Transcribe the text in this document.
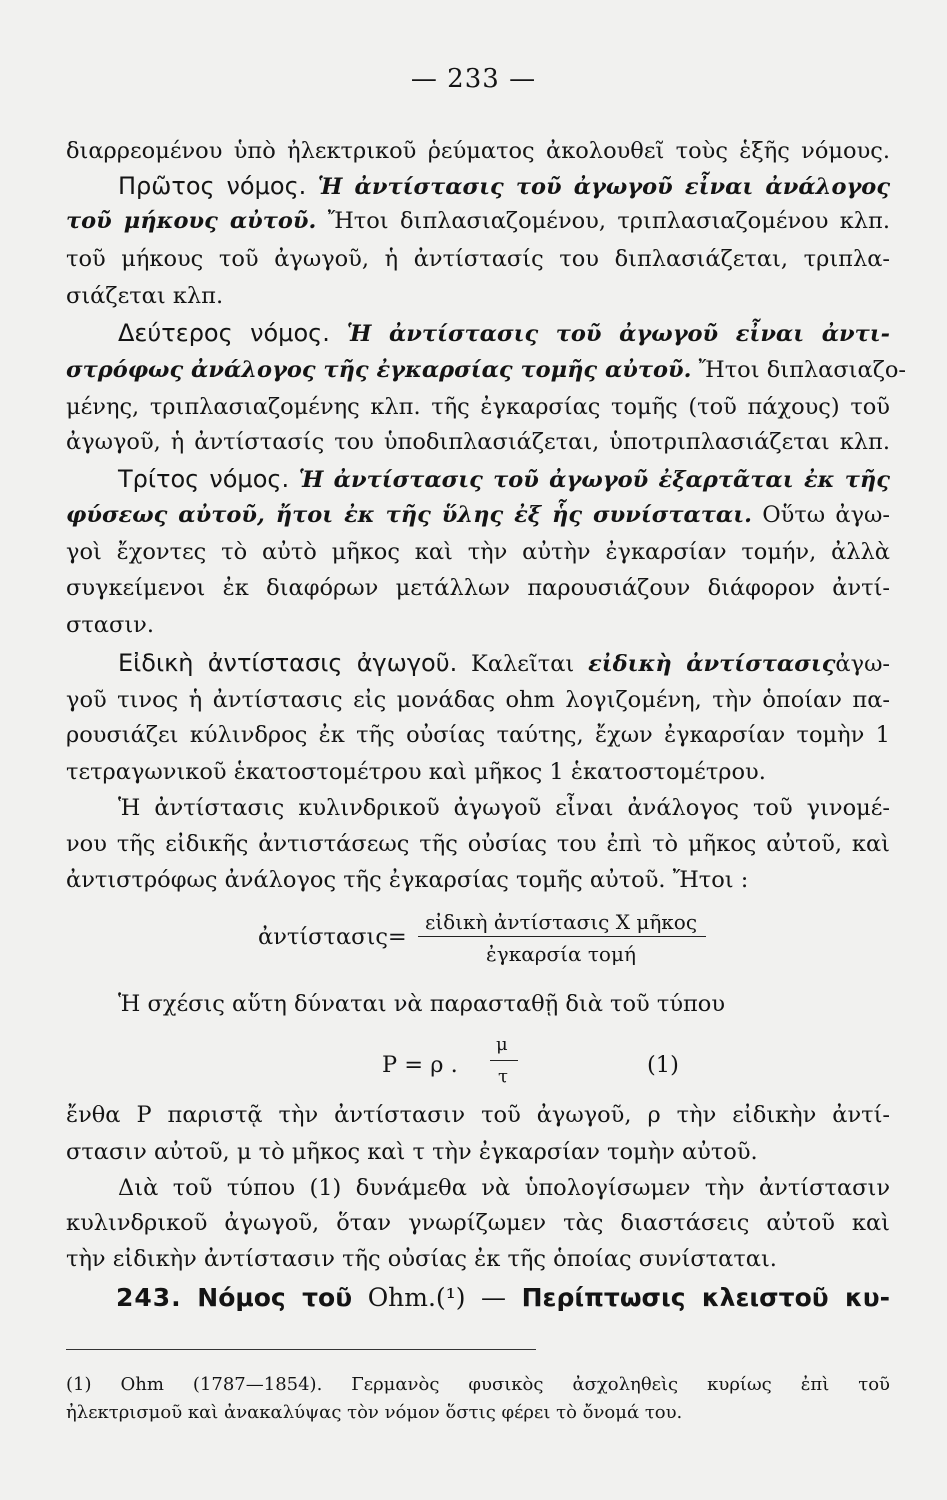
— 233 —
διαρρεομένου ὑπὸ ἠλεκτρικοῦ ῥεύματος ἀκολουθεῖ τοὺς ἑξῆς νόμους.
Πρῶτος νόμος. Ἡ ἀντίστασις τοῦ ἀγωγοῦ εἶναι ἀνάλογος
τοῦ μήκους αὐτοῦ. Ἤτοι διπλασιαζομένου, τριπλασιαζομένου κλπ.
τοῦ μήκους τοῦ ἀγωγοῦ, ἡ ἀντίστασίς του διπλασιάζεται, τριπλα-
σιάζεται κλπ.
Δεύτερος νόμος. Ἡ ἀντίστασις τοῦ ἀγωγοῦ εἶναι ἀντι-
στρόφως ἀνάλογος τῆς ἐγκαρσίας τομῆς αὐτοῦ. Ἤτοι διπλασιαζο-
μένης, τριπλασιαζομένης κλπ. τῆς ἐγκαρσίας τομῆς (τοῦ πάχους) τοῦ
ἀγωγοῦ, ἡ ἀντίστασίς του ὑποδιπλασιάζεται, ὑποτριπλασιάζεται κλπ.
Τρίτος νόμος. Ἡ ἀντίστασις τοῦ ἀγωγοῦ ἐξαρτᾶται ἐκ τῆς
φύσεως αὐτοῦ, ἤτοι ἐκ τῆς ὕλης ἐξ ἧς συνίσταται. Οὕτω ἀγω-
γοὶ ἔχοντες τὸ αὐτὸ μῆκος καὶ τὴν αὐτὴν ἐγκαρσίαν τομήν, ἀλλὰ
συγκείμενοι ἐκ διαφόρων μετάλλων παρουσιάζουν διάφορον ἀντί-
στασιν.
Εἰδικὴ ἀντίστασις ἀγωγοῦ. Καλεῖται εἰδικὴ ἀντίστασιςἀγω-
γοῦ τινος ἡ ἀντίστασις εἰς μονάδας ohm λογιζομένη, τὴν ὁποίαν πα-
ρουσιάζει κύλινδρος ἐκ τῆς οὐσίας ταύτης, ἔχων ἐγκαρσίαν τομὴν 1
τετραγωνικοῦ ἑκατοστομέτρου καὶ μῆκος 1 ἑκατοστομέτρου.
Ἡ ἀντίστασις κυλινδρικοῦ ἀγωγοῦ εἶναι ἀνάλογος τοῦ γινομέ-
νου τῆς εἰδικῆς ἀντιστάσεως τῆς οὐσίας του ἐπὶ τὸ μῆκος αὐτοῦ, καὶ
ἀντιστρόφως ἀνάλογος τῆς ἐγκαρσίας τομῆς αὐτοῦ. Ἤτοι :
ἀντίστασις=
εἰδικὴ ἀντίστασις X μῆκος
ἐγκαρσία τομή
Ἡ σχέσις αὕτη δύναται νὰ παρασταθῇ διὰ τοῦ τύπου
P = ρ .
μ
τ	(1)
ἔνθα P παριστᾷ τὴν ἀντίστασιν τοῦ ἀγωγοῦ, ρ τὴν εἰδικὴν ἀντί-
στασιν αὐτοῦ, μ τὸ μῆκος καὶ τ τὴν ἐγκαρσίαν τομὴν αὐτοῦ.
Διὰ τοῦ τύπου (1) δυνάμεθα νὰ ὑπολογίσωμεν τὴν ἀντίστασιν
κυλινδρικοῦ ἀγωγοῦ, ὅταν γνωρίζωμεν τὰς διαστάσεις αὐτοῦ καὶ
τὴν εἰδικὴν ἀντίστασιν τῆς οὐσίας ἐκ τῆς ὁποίας συνίσταται.
243. Νόμος τοῦ Ohm.(¹) — Περίπτωσις κλειστοῦ κυ-
(1) Ohm (1787—1854). Γερμανὸς φυσικὸς ἀσχοληθεὶς κυρίως ἐπὶ τοῦ
ἠλεκτρισμοῦ καὶ ἀνακαλύψας τὸν νόμον ὅστις φέρει τὸ ὄνομά του.
